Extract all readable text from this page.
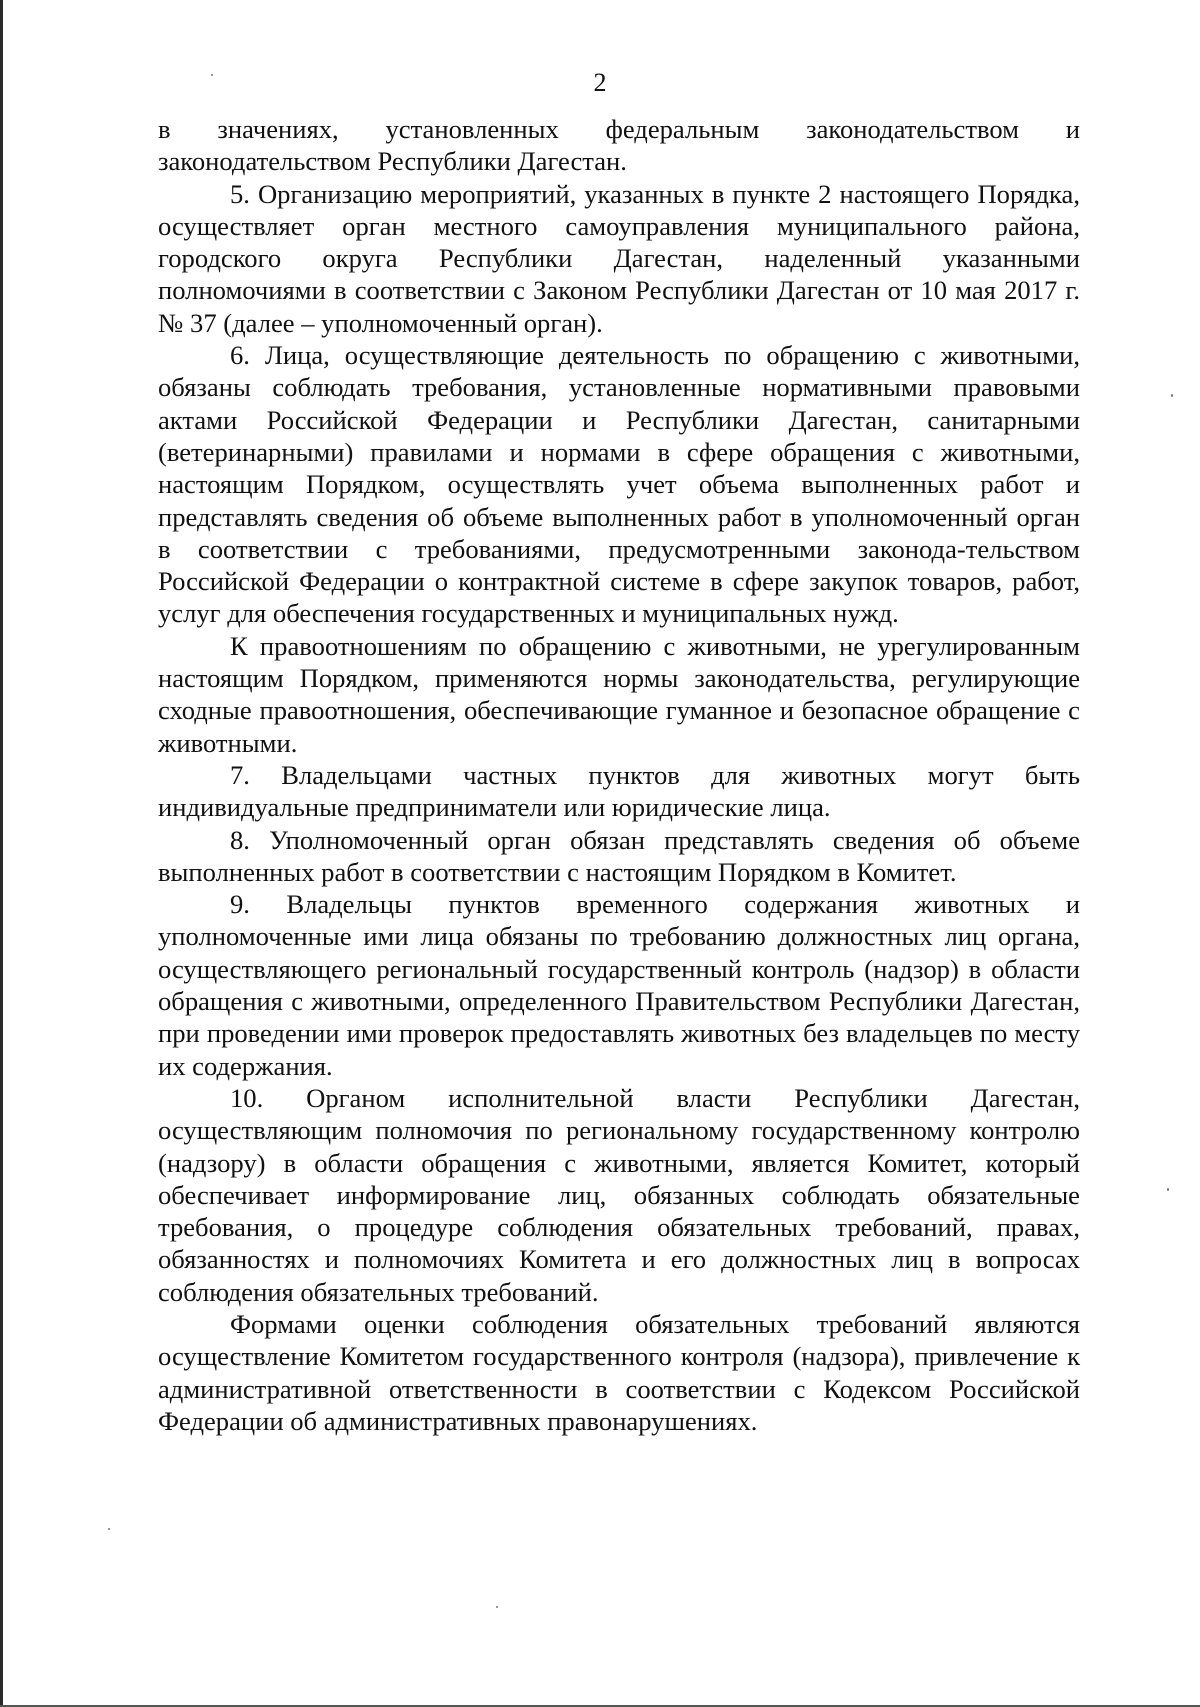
2

в значениях, установленных федеральным законодательством и законодательством Республики Дагестан.

5. Организацию мероприятий, указанных в пункте 2 настоящего Порядка, осуществляет орган местного самоуправления муниципального района, городского округа Республики Дагестан, наделенный указанными полномочиями в соответствии с Законом Республики Дагестан от 10 мая 2017 г. № 37 (далее – уполномоченный орган).

6. Лица, осуществляющие деятельность по обращению с животными, обязаны соблюдать требования, установленные нормативными правовыми актами Российской Федерации и Республики Дагестан, санитарными (ветеринарными) правилами и нормами в сфере обращения с животными, настоящим Порядком, осуществлять учет объема выполненных работ и представлять сведения об объеме выполненных работ в уполномоченный орган в соответствии с требованиями, предусмотренными законода-тельством Российской Федерации о контрактной системе в сфере закупок товаров, работ, услуг для обеспечения государственных и муниципальных нужд.

К правоотношениям по обращению с животными, не урегулированным настоящим Порядком, применяются нормы законодательства, регулирующие сходные правоотношения, обеспечивающие гуманное и безопасное обращение с животными.

7. Владельцами частных пунктов для животных могут быть индивидуальные предприниматели или юридические лица.

8. Уполномоченный орган обязан представлять сведения об объеме выполненных работ в соответствии с настоящим Порядком в Комитет.

9. Владельцы пунктов временного содержания животных и уполномоченные ими лица обязаны по требованию должностных лиц органа, осуществляющего региональный государственный контроль (надзор) в области обращения с животными, определенного Правительством Республики Дагестан, при проведении ими проверок предоставлять животных без владельцев по месту их содержания.

10. Органом исполнительной власти Республики Дагестан, осуществляющим полномочия по региональному государственному контролю (надзору) в области обращения с животными, является Комитет, который обеспечивает информирование лиц, обязанных соблюдать обязательные требования, о процедуре соблюдения обязательных требований, правах, обязанностях и полномочиях Комитета и его должностных лиц в вопросах соблюдения обязательных требований.

Формами оценки соблюдения обязательных требований являются осуществление Комитетом государственного контроля (надзора), привлечение к административной ответственности в соответствии с Кодексом Российской Федерации об административных правонарушениях.
